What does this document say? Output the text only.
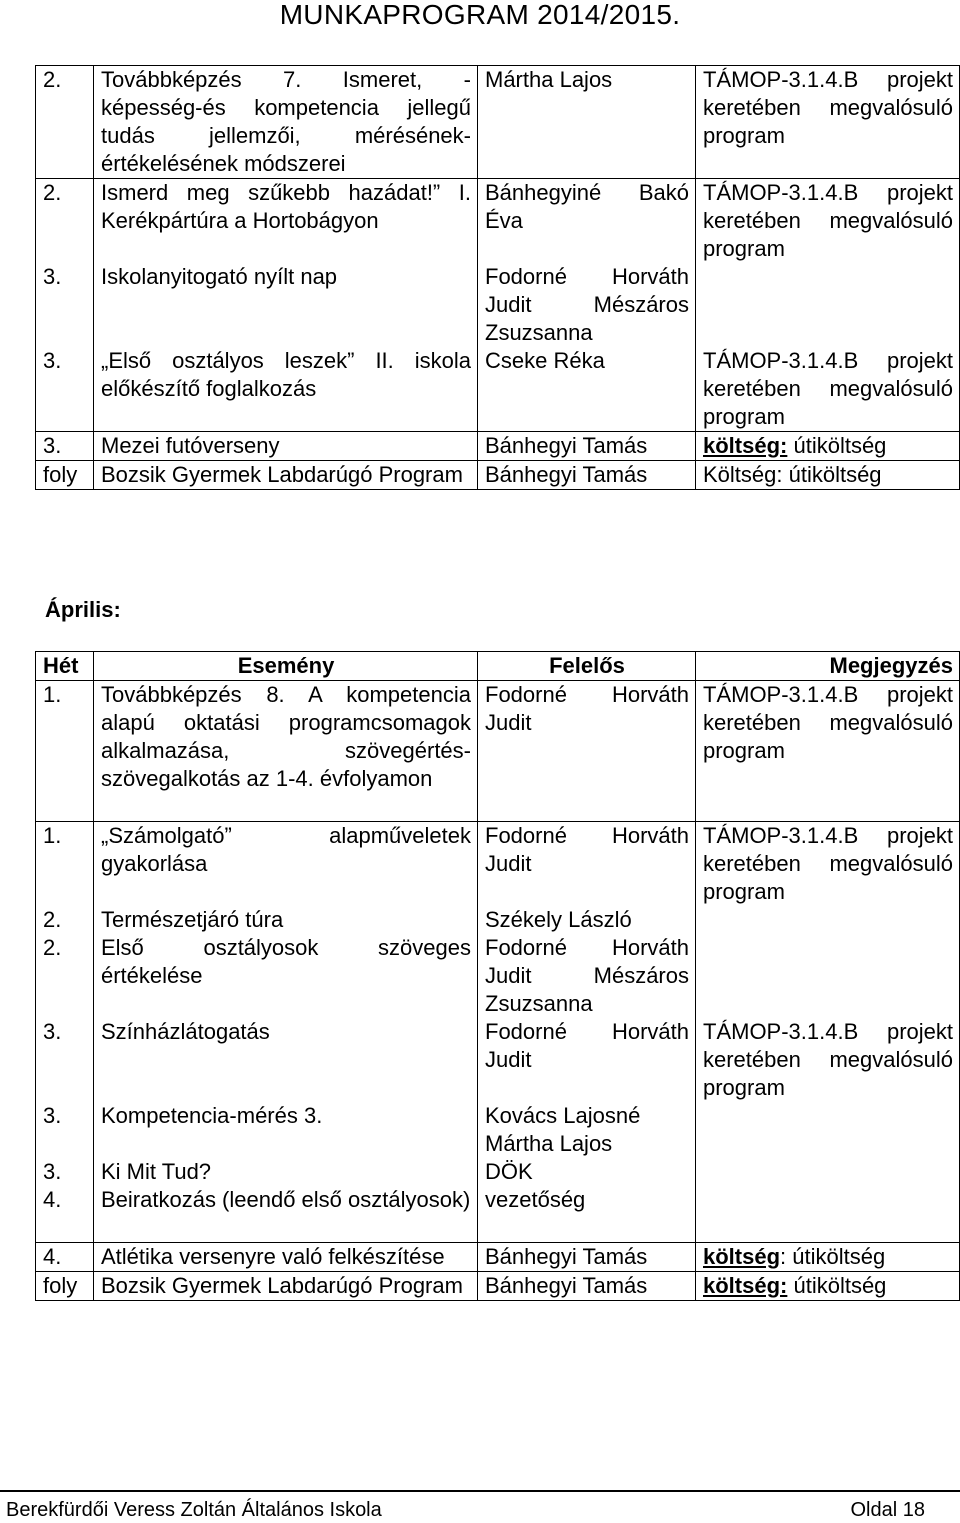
MUNKAPROGRAM 2014/2015.
2.	Továbbképzés 7. Ismeret, - képesség-és kompetencia jellegű tudás jellemzői, mérésének-értékelésének módszerei	Mártha Lajos	TÁMOP-3.1.4.B projekt keretében megvalósuló program

2.	Ismerd meg szűkebb hazádat!” I. Kerékpártúra a Hortobágyon	Bánhegyiné Bakó Éva	TÁMOP-3.1.4.B projekt keretében megvalósuló program
3.	Iskolanyitogató nyílt nap	Fodorné Horváth Judit Mészáros Zsuzsanna	
3.	„Első osztályos leszek” II. iskola előkészítő foglalkozás	Cseke Réka	TÁMOP-3.1.4.B projekt keretében megvalósuló program
3.	Mezei futóverseny	Bánhegyi Tamás	költség: útiköltség
foly	Bozsik Gyermek Labdarúgó Program	Bánhegyi Tamás	Költség: útiköltség
Április:
Hét	Esemény	Felelős	Megjegyzés
1.	Továbbképzés 8. A kompetencia alapú oktatási programcsomagok alkalmazása, szövegértés-szövegalkotás az 1-4. évfolyamon	Fodorné Horváth Judit	TÁMOP-3.1.4.B projekt keretében megvalósuló program
1.	„Számolgató” alapműveletek gyakorlása	Fodorné Horváth Judit	TÁMOP-3.1.4.B projekt keretében megvalósuló program
2.	Természetjáró túra	Székely László	
2.	Első osztályosok szöveges értékelése	Fodorné Horváth Judit Mészáros Zsuzsanna	
3.	Színházlátogatás	Fodorné Horváth Judit	TÁMOP-3.1.4.B projekt keretében megvalósuló program
3.	Kompetencia-mérés 3.	Kovács Lajosné Mártha Lajos	
3.	Ki Mit Tud?	DÖK	
4.	Beiratkozás (leendő első osztályosok)	vezetőség	
4.	Atlétika versenyre való felkészítése	Bánhegyi Tamás	költség: útiköltség
foly	Bozsik Gyermek Labdarúgó Program	Bánhegyi Tamás	költség: útiköltség
Berekfürdői Veress Zoltán Általános Iskola	Oldal 18
